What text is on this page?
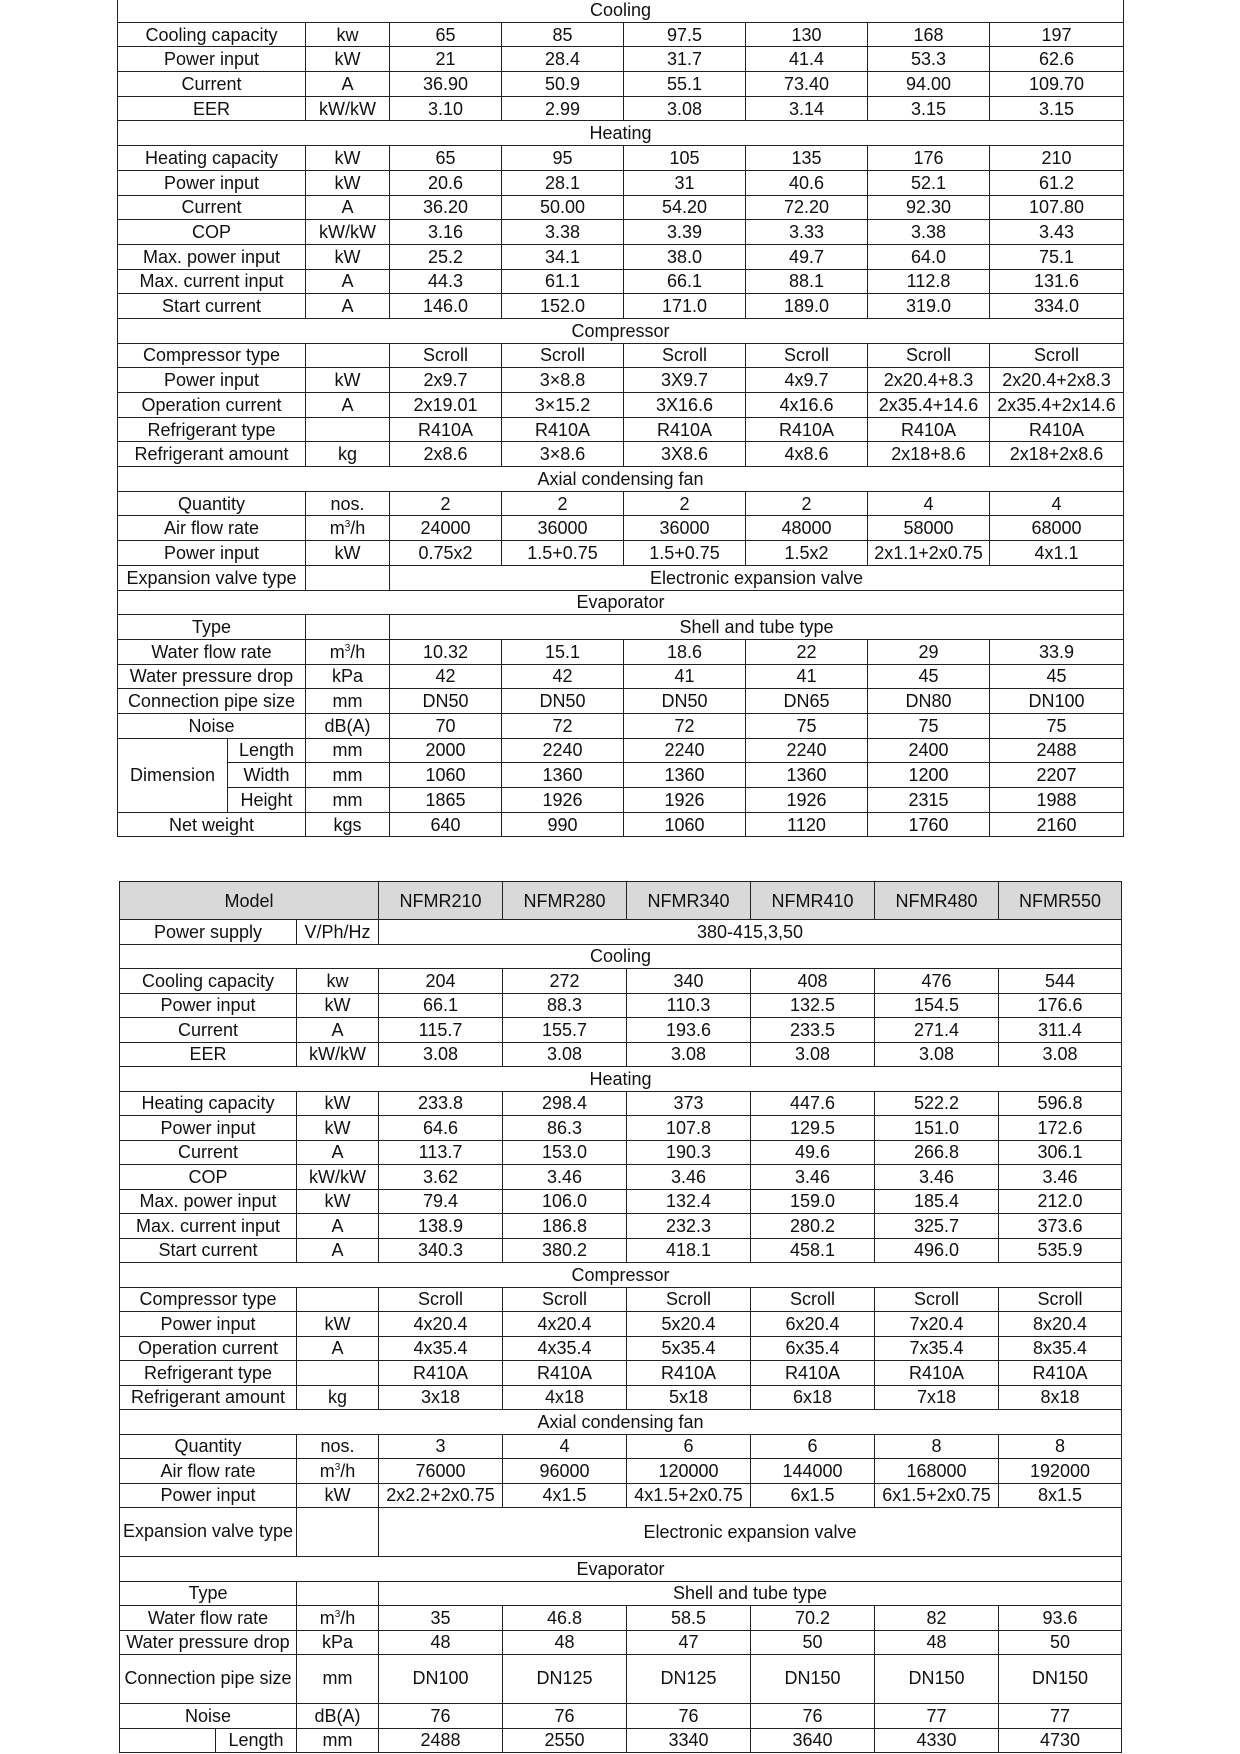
Cooling								
Cooling capacity		kw	65	85	97.5	130	168	197
Power input		kW	21	28.4	31.7	41.4	53.3	62.6
Current		A	36.90	50.9	55.1	73.40	94.00	109.70
EER		kW/kW	3.10	2.99	3.08	3.14	3.15	3.15
Heating								
Heating capacity		kW	65	95	105	135	176	210
Power input		kW	20.6	28.1	31	40.6	52.1	61.2
Current		A	36.20	50.00	54.20	72.20	92.30	107.80
COP		kW/kW	3.16	3.38	3.39	3.33	3.38	3.43
Max. power input		kW	25.2	34.1	38.0	49.7	64.0	75.1
Max. current input		A	44.3	61.1	66.1	88.1	112.8	131.6
Start current		A	146.0	152.0	171.0	189.0	319.0	334.0
Compressor								
Compressor type			Scroll	Scroll	Scroll	Scroll	Scroll	Scroll
Power input		kW	2x9.7	3×8.8	3X9.7	4x9.7	2x20.4+8.3	2x20.4+2x8.3
Operation current		A	2x19.01	3×15.2	3X16.6	4x16.6	2x35.4+14.6	2x35.4+2x14.6
Refrigerant type			R410A	R410A	R410A	R410A	R410A	R410A
Refrigerant amount		kg	2x8.6	3×8.6	3X8.6	4x8.6	2x18+8.6	2x18+2x8.6
Axial condensing fan								
Quantity		nos.	2	2	2	2	4	4
Air flow rate		$m^3/h$	24000	36000	36000	48000	58000	68000
Power input		kW	0.75x2	1.5+0.75	1.5+0.75	1.5x2	2x1.1+2x0.75	4x1.1
Expansion valve type			Electronic expansion valve					
Evaporator								
Type			Shell and tube type					
Water flow rate		$m^3/h$	10.32	15.1	18.6	22	29	33.9
Water pressure drop		kPa	42	42	41	41	45	45
Connection pipe size		mm	DN50	DN50	DN50	DN65	DN80	DN100
Noise		dB(A)	70	72	72	75	75	75
Dimension	Length	mm	2000	2240	2240	2240	2400	2488
	Width	mm	1060	1360	1360	1360	1200	2207
	Height	mm	1865	1926	1926	1926	2315	1988
Net weight		kgs	640	990	1060	1120	1760	2160
Model			NFMR210	NFMR280	NFMR340	NFMR410	NFMR480	NFMR550
Power supply		V/Ph/Hz	380-415,3,50					
Cooling								
Cooling capacity		kw	204	272	340	408	476	544
Power input		kW	66.1	88.3	110.3	132.5	154.5	176.6
Current		A	115.7	155.7	193.6	233.5	271.4	311.4
EER		kW/kW	3.08	3.08	3.08	3.08	3.08	3.08
Heating								
Heating capacity		kW	233.8	298.4	373	447.6	522.2	596.8
Power input		kW	64.6	86.3	107.8	129.5	151.0	172.6
Current		A	113.7	153.0	190.3	49.6	266.8	306.1
COP		kW/kW	3.62	3.46	3.46	3.46	3.46	3.46
Max. power input		kW	79.4	106.0	132.4	159.0	185.4	212.0
Max. current input		A	138.9	186.8	232.3	280.2	325.7	373.6
Start current		A	340.3	380.2	418.1	458.1	496.0	535.9
Compressor								
Compressor type			Scroll	Scroll	Scroll	Scroll	Scroll	Scroll
Power input		kW	4x20.4	4x20.4	5x20.4	6x20.4	7x20.4	8x20.4
Operation current		A	4x35.4	4x35.4	5x35.4	6x35.4	7x35.4	8x35.4
Refrigerant type			R410A	R410A	R410A	R410A	R410A	R410A
Refrigerant amount		kg	3x18	4x18	5x18	6x18	7x18	8x18
Axial condensing fan								
Quantity		nos.	3	4	6	6	8	8
Air flow rate		$m^3/h$	76000	96000	120000	144000	168000	192000
Power input		kW	2x2.2+2x0.75	4x1.5	4x1.5+2x0.75	6x1.5	6x1.5+2x0.75	8x1.5
Expansion valve type			Electronic expansion valve					
Evaporator								
Type			Shell and tube type					
Water flow rate		$m^3/h$	35	46.8	58.5	70.2	82	93.6
Water pressure drop		kPa	48	48	47	50	48	50
Connection pipe size		mm	DN100	DN125	DN125	DN150	DN150	DN150
Noise		dB(A)	76	76	76	76	77	77
	Length	mm	2488	2550	3340	3640	4330	4730
